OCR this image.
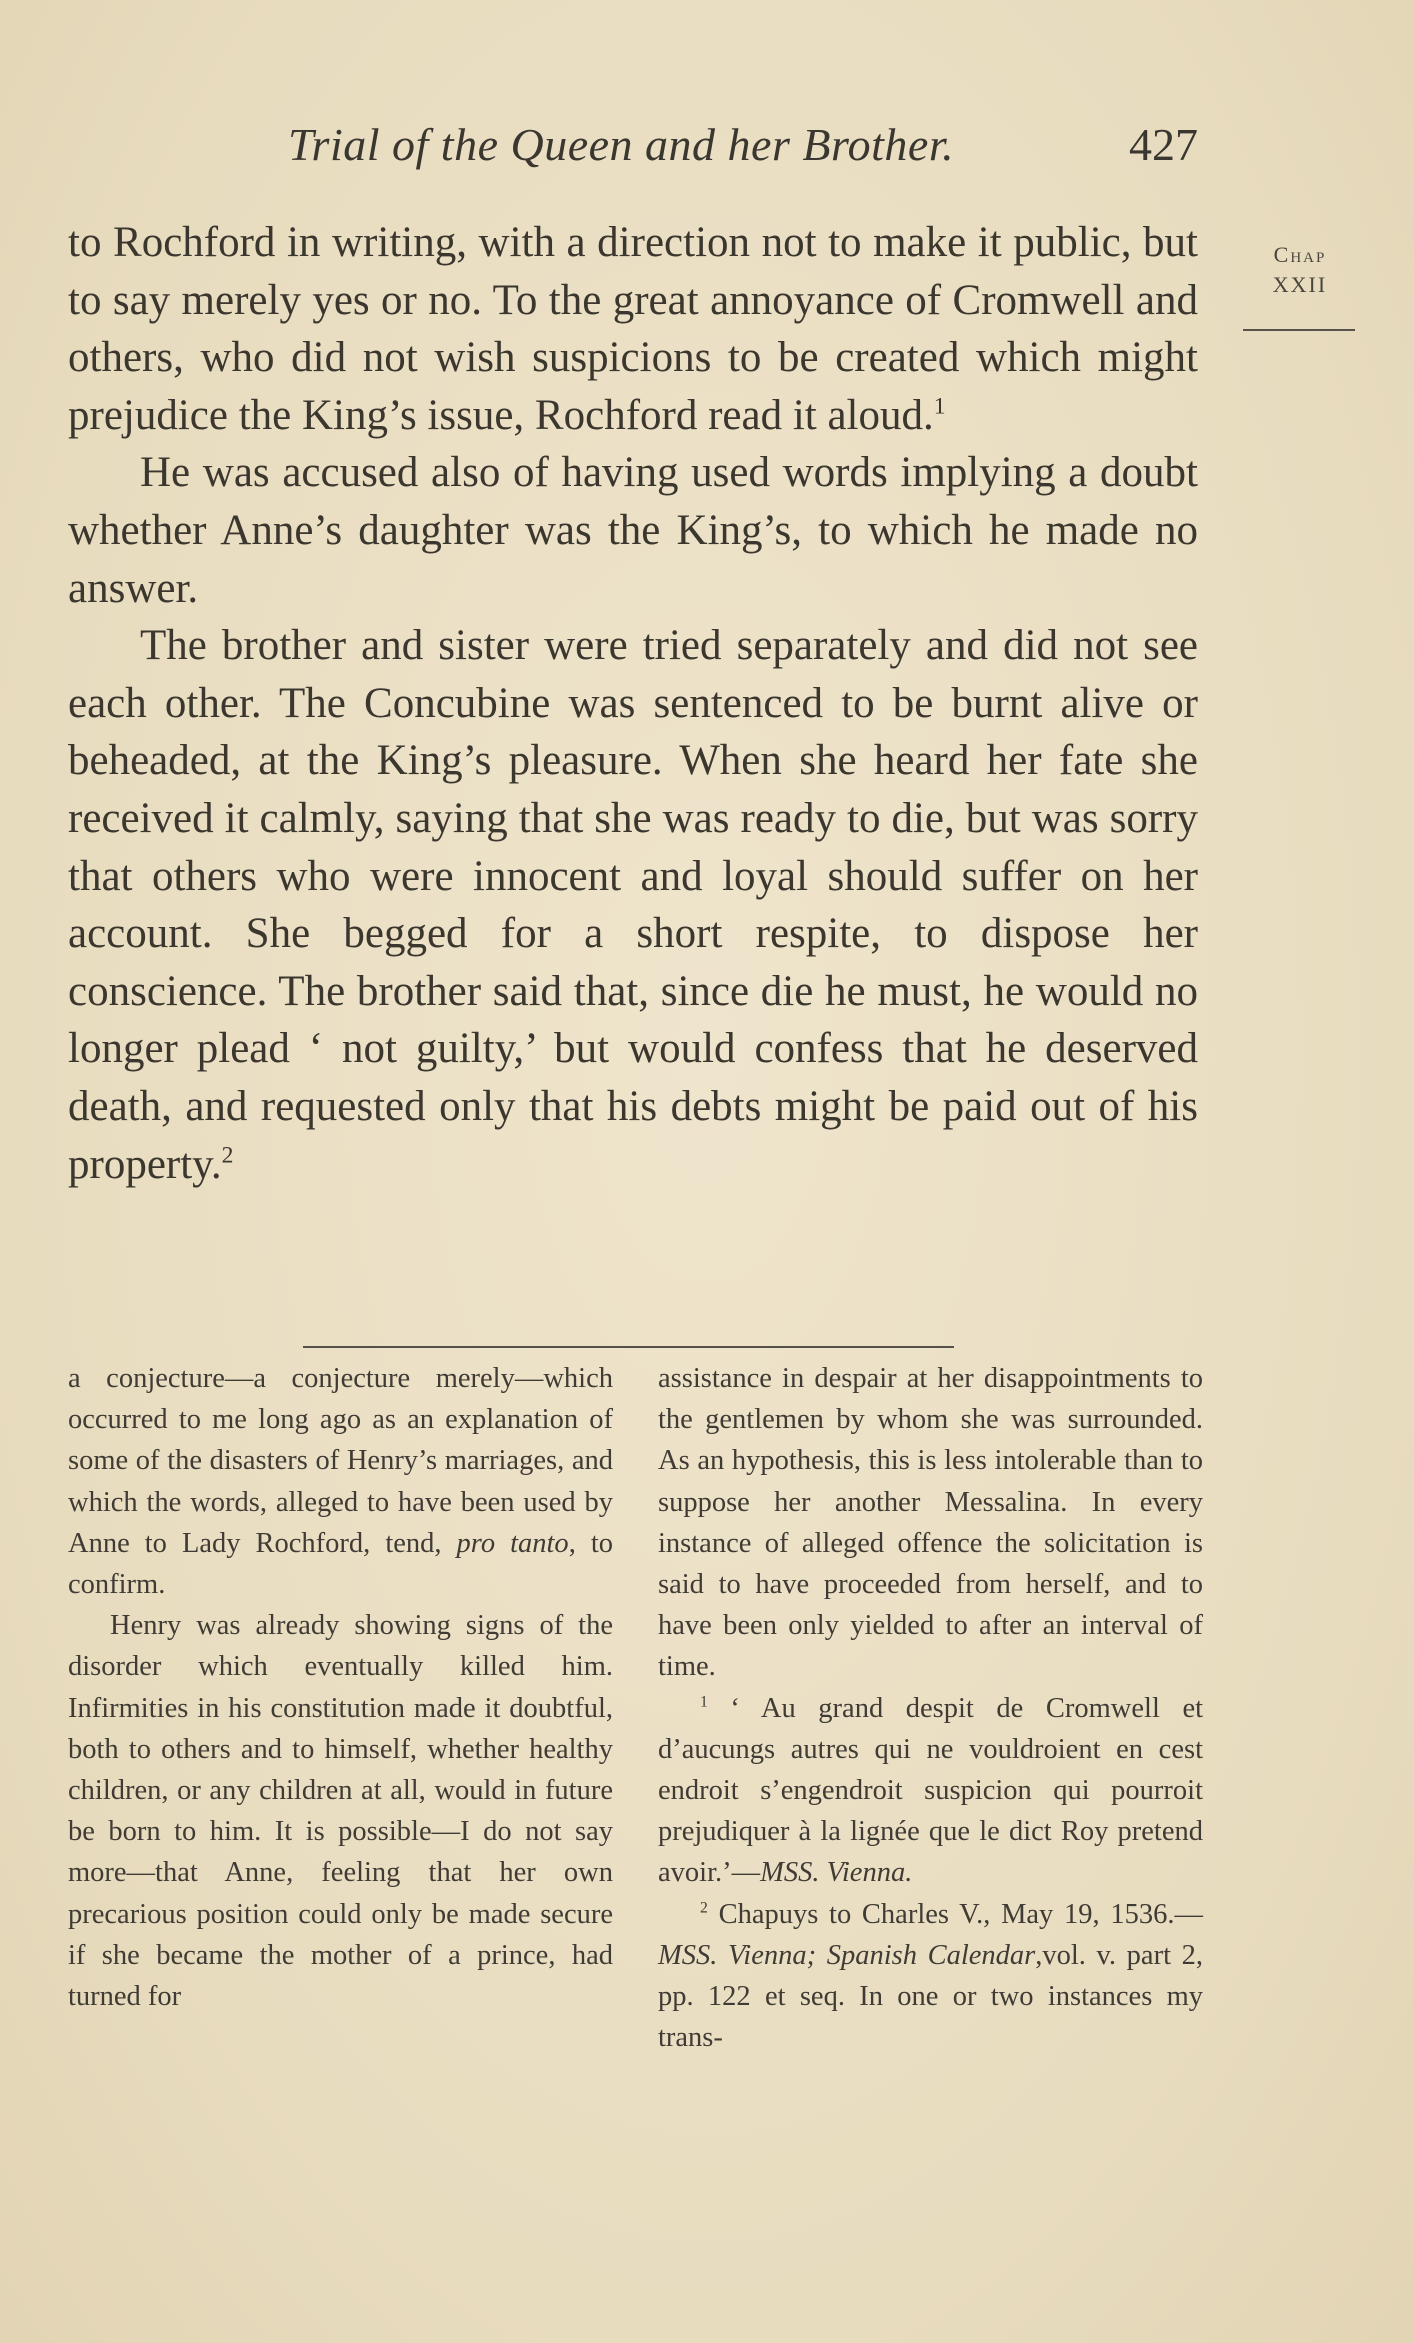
Trial of the Queen and her Brother.	427
Chap
XXII

to Rochford in writing, with a direction not to make it public, but to say merely yes or no. To the great annoyance of Cromwell and others, who did not wish suspicions to be created which might prejudice the King’s issue, Rochford read it aloud.$^1$

He was accused also of having used words implying a doubt whether Anne’s daughter was the King’s, to which he made no answer.

The brother and sister were tried separately and did not see each other. The Concubine was sentenced to be burnt alive or beheaded, at the King’s pleasure. When she heard her fate she received it calmly, saying that she was ready to die, but was sorry that others who were innocent and loyal should suffer on her account. She begged for a short respite, to dispose her conscience. The brother said that, since die he must, he would no longer plead ‘ not guilty,’ but would confess that he deserved death, and requested only that his debts might be paid out of his property.$^2$

a conjecture—a conjecture merely—which occurred to me long ago as an explanation of some of the disasters of Henry’s marriages, and which the words, alleged to have been used by Anne to Lady Rochford, tend, pro tanto, to confirm.

Henry was already showing signs of the disorder which eventually killed him. Infirmities in his constitution made it doubtful, both to others and to himself, whether healthy children, or any children at all, would in future be born to him. It is possible—I do not say more—that Anne, feeling that her own precarious position could only be made secure if she became the mother of a prince, had turned for

assistance in despair at her disappointments to the gentlemen by whom she was surrounded. As an hypothesis, this is less intolerable than to suppose her another Messalina. In every instance of alleged offence the solicitation is said to have proceeded from herself, and to have been only yielded to after an interval of time.

$^1$ ‘ Au grand despit de Cromwell et d’aucungs autres qui ne vouldroient en cest endroit s’engendroit suspicion qui pourroit prejudiquer à la lignée que le dict Roy pretend avoir.’—MSS. Vienna.

$^2$ Chapuys to Charles V., May 19, 1536.—MSS. Vienna; Spanish Calendar,vol. v. part 2, pp. 122 et seq. In one or two instances my trans-
